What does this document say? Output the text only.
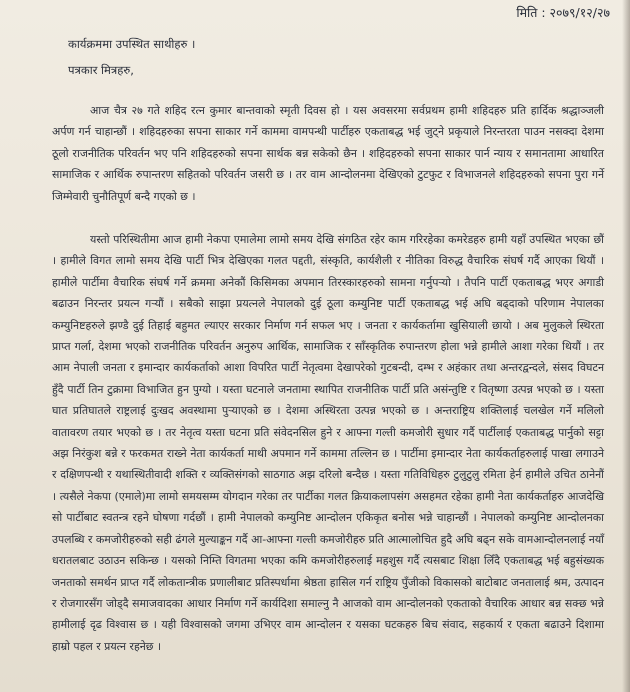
मिति : २०७९/१२/२७
कार्यक्रममा उपस्थित साथीहरु ।
पत्रकार मित्रहरु,

आज चैत्र २७ गते शहिद रत्न कुमार बान्तवाको स्मृती दिवस हो । यस अवसरमा सर्वप्रथम हामी शहिदहरु प्रति हार्दिक श्रद्धाञ्जली अर्पण गर्न चाहान्छौं । शहिदहरुका सपना साकार गर्ने काममा वामपन्थी पार्टीहरु एकताबद्ध भई जुट्ने प्रकृयाले निरन्तरता पाउन नसक्दा देशमा ठूलो राजनीतिक परिवर्तन भए पनि शहिदहरुको सपना सार्थक बन्न सकेको छैन । शहिदहरुको सपना साकार पार्न न्याय र समानतामा आधारित सामाजिक र आर्थिक रुपान्तरण सहितको परिवर्तन जसरी छ । तर वाम आन्दोलनमा देखिएको टुटफुट र विभाजनले शहिदहरुको सपना पुरा गर्ने जिम्मेवारी चुनौतिपूर्ण बन्दै गएको छ ।

यस्तो परिस्थितीमा आज हामी नेकपा एमालेमा लामो समय देखि संगठित रहेर काम गरिरहेका कमरेडहरु हामी यहाँ उपस्थित भएका छौं । हामीले विगत लामो समय देखि पार्टी भित्र देखिएका गलत पद्दती, संस्कृति, कार्यशैली र नीतिका विरुद्ध वैचारिक संघर्ष गर्दै आएका थियौं । हामीले पार्टीमा वैचारिक संघर्ष गर्ने क्रममा अनेकौं किसिमका अपमान तिरस्कारहरुको सामना गर्नुपर्‍यो । तैपनि पार्टी एकताबद्ध भएर अगाडी बढाउन निरन्तर प्रयत्न गर्‍यौं । सबैको साझा प्रयत्नले नेपालको दुई ठूला कम्युनिष्ट पार्टी एकताबद्ध भई अघि बढ्दाको परिणाम नेपालका कम्युनिष्टहरुले झण्डै दुई तिहाई बहुमत ल्याएर सरकार निर्माण गर्न सफल भए । जनता र कार्यकर्तामा खुसियाली छायो । अब मुलुकले स्थिरता प्राप्त गर्ला, देशमा भएको राजनीतिक परिवर्तन अनुरुप आर्थिक, सामाजिक र साँस्कृतिक रुपान्तरण होला भन्ने हामीले आशा गरेका थियौं । तर आम नेपाली जनता र इमान्दार कार्यकर्ताको आशा विपरित पार्टी नेतृत्वमा देखापरेको गुटबन्दी, दम्भ र अहंकार तथा अन्तरद्वन्दले, संसद विघटन हुँदै पार्टी तिन टुक्रामा विभाजित हुन पुग्यो । यस्ता घटनाले जनतामा स्थापित राजनीतिक पार्टी प्रति असंन्तुष्टि र वितृष्णा उत्पन्न भएको छ । यस्ता घात प्रतिघातले राष्ट्रलाई दुःखद अवस्थामा पुऱ्याएको छ । देशमा अस्थिरता उत्पन्न भएको छ । अन्तराष्ट्रिय शक्तिलाई चलखेल गर्ने मलिलो वातावरण तयार भएको छ । तर नेतृत्व यस्ता घटना प्रति संवेदनसिल हुने र आफ्ना गल्ती कमजोरी सुधार गर्दै पार्टीलाई एकताबद्ध पार्नुको सट्टा अझ निरंकुश बन्ने र फरकमत राख्ने नेता कार्यकर्ता माथी अपमान गर्ने काममा तल्लिन छ । पार्टीमा इमान्दार नेता कार्यकर्ताहरुलाई पाखा लगाउने र दक्षिणपन्थी र यथास्थितीवादी शक्ति र व्यक्तिसंगको साठगाठ अझ दरिलो बन्दैछ । यस्ता गतिविधिहरु टुलुटुलु रमिता हेर्न हामीले उचित ठानेनौं । त्यसैले नेकपा (एमाले)मा लामो समयसम्म योगदान गरेका तर पार्टीका गलत क्रियाकलापसंग असहमत रहेका हामी नेता कार्यकर्ताहरु आजदेखि सो पार्टीबाट स्वतन्त्र रहने घोषणा गर्दछौं । हामी नेपालको कम्युनिष्ट आन्दोलन एकिकृत बनोस भन्ने चाहान्छौं । नेपालको कम्युनिष्ट आन्दोलनका उपलब्धि र कमजोरीहरुको सही ढंगले मुल्याङ्कन गर्दै आ-आफ्ना गल्ती कमजोरीहरु प्रति आत्मालोचित हुदै अघि बढ्न सके वामआन्दोलनलाई नयाँ धरातलबाट उठाउन सकिन्छ । यसको निम्ति विगतमा भएका कमि कमजोरीहरुलाई महशुस गर्दै त्यसबाट शिक्षा लिँदै एकताबद्ध भई बहुसंख्यक जनताको समर्थन प्राप्त गर्दै लोकतान्त्रीक प्रणालीबाट प्रतिस्पर्धामा श्रेष्ठता हासिल गर्न राष्ट्रिय पुँजीको विकासको बाटोबाट जनतालाई श्रम, उत्पादन र रोजगारसँग जोड्दै समाजवादका आधार निर्माण गर्ने कार्यदिशा समाल्नु नै आजको वाम आन्दोलनको एकताको वैचारिक आधार बन्न सक्छ भन्ने हामीलाई दृढ विश्वास छ । यही विश्वासको जगमा उभिएर वाम आन्दोलन र यसका घटकहरु बिच संवाद, सहकार्य र एकता बढाउने दिशामा हाम्रो पहल र प्रयत्न रहनेछ ।
